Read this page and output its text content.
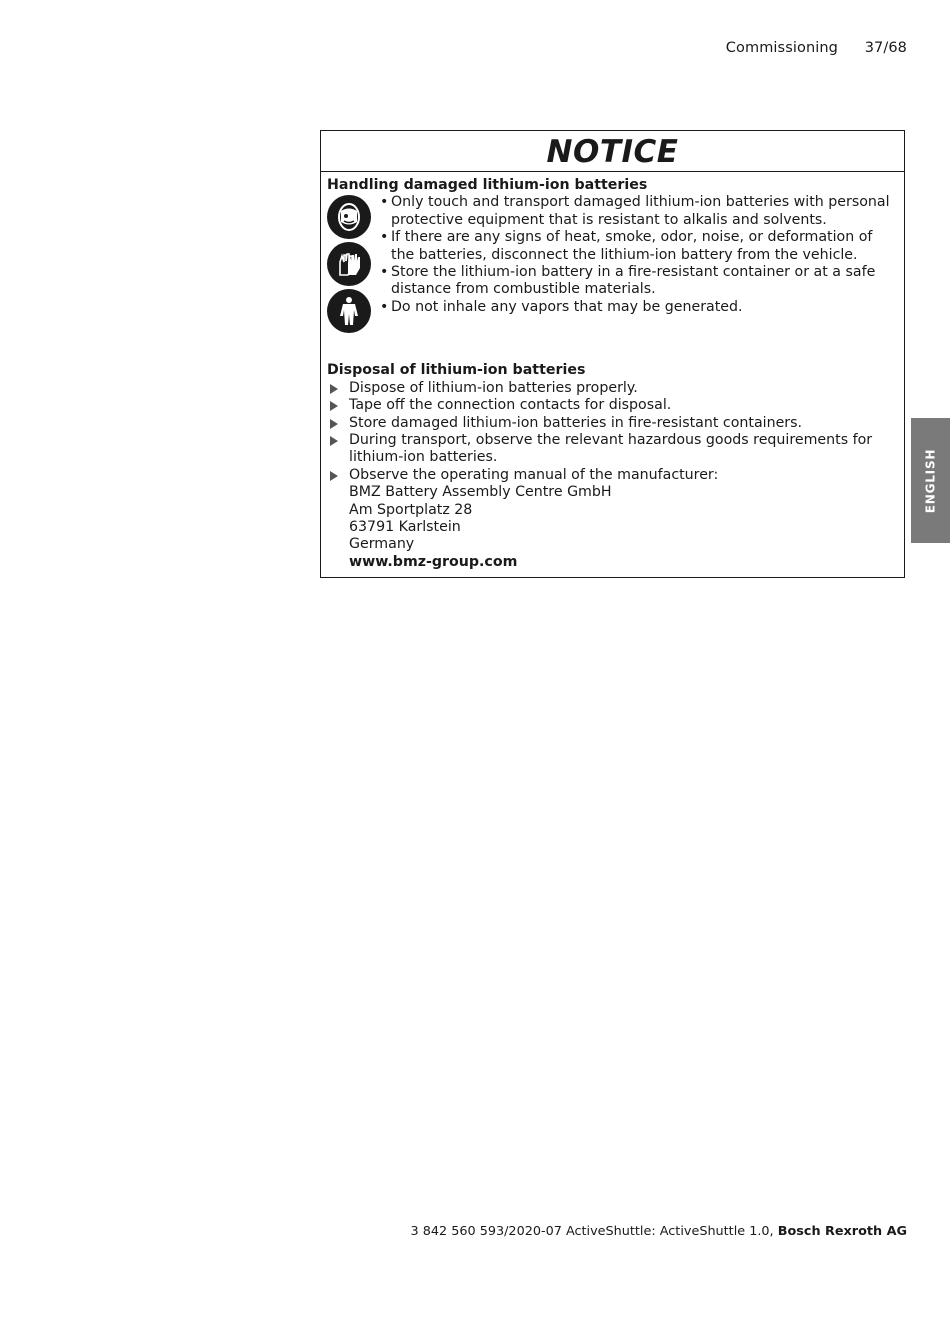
Commissioning 37/68
NOTICE
Handling damaged lithium-ion batteries
• Only touch and transport damaged lithium-ion batteries with personal protective equipment that is resistant to alkalis and solvents.
• If there are any signs of heat, smoke, odor, noise, or deformation of the batteries, disconnect the lithium-ion battery from the vehicle.
• Store the lithium-ion battery in a fire-resistant container or at a safe distance from combustible materials.
• Do not inhale any vapors that may be generated.
Disposal of lithium-ion batteries
Dispose of lithium-ion batteries properly.
Tape off the connection contacts for disposal.
Store damaged lithium-ion batteries in fire-resistant containers.
During transport, observe the relevant hazardous goods requirements for lithium-ion batteries.
Observe the operating manual of the manufacturer:
BMZ Battery Assembly Centre GmbH
Am Sportplatz 28
63791 Karlstein
Germany
www.bmz-group.com
ENGLISH
3 842 560 593/2020-07 ActiveShuttle: ActiveShuttle 1.0, Bosch Rexroth AG
